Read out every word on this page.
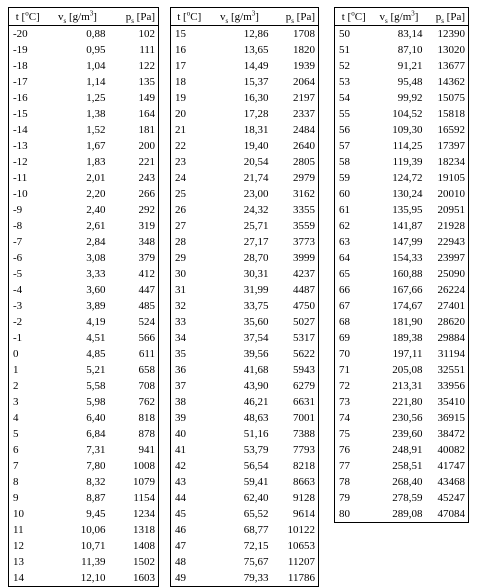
t [$^o$C]	$v_s$ $[g/m^3]$	$p_s$ [Pa]
-20	0,88	102
-19	0,95	111
-18	1,04	122
-17	1,14	135
-16	1,25	149
-15	1,38	164
-14	1,52	181
-13	1,67	200
-12	1,83	221
-11	2,01	243
-10	2,20	266
-9	2,40	292
-8	2,61	319
-7	2,84	348
-6	3,08	379
-5	3,33	412
-4	3,60	447
-3	3,89	485
-2	4,19	524
-1	4,51	566
0	4,85	611
1	5,21	658
2	5,58	708
3	5,98	762
4	6,40	818
5	6,84	878
6	7,31	941
7	7,80	1008
8	8,32	1079
9	8,87	1154
10	9,45	1234
11	10,06	1318
12	10,71	1408
13	11,39	1502
14	12,10	1603
t [$^o$C]	$v_s$ $[g/m^3]$	$p_s$ [Pa]
15	12,86	1708
16	13,65	1820
17	14,49	1939
18	15,37	2064
19	16,30	2197
20	17,28	2337
21	18,31	2484
22	19,40	2640
23	20,54	2805
24	21,74	2979
25	23,00	3162
26	24,32	3355
27	25,71	3559
28	27,17	3773
29	28,70	3999
30	30,31	4237
31	31,99	4487
32	33,75	4750
33	35,60	5027
34	37,54	5317
35	39,56	5622
36	41,68	5943
37	43,90	6279
38	46,21	6631
39	48,63	7001
40	51,16	7388
41	53,79	7793
42	56,54	8218
43	59,41	8663
44	62,40	9128
45	65,52	9614
46	68,77	10122
47	72,15	10653
48	75,67	11207
49	79,33	11786
t [$^o$C]	$v_s$ $[g/m^3]$	$p_s$ [Pa]
50	83,14	12390
51	87,10	13020
52	91,21	13677
53	95,48	14362
54	99,92	15075
55	104,52	15818
56	109,30	16592
57	114,25	17397
58	119,39	18234
59	124,72	19105
60	130,24	20010
61	135,95	20951
62	141,87	21928
63	147,99	22943
64	154,33	23997
65	160,88	25090
66	167,66	26224
67	174,67	27401
68	181,90	28620
69	189,38	29884
70	197,11	31194
71	205,08	32551
72	213,31	33956
73	221,80	35410
74	230,56	36915
75	239,60	38472
76	248,91	40082
77	258,51	41747
78	268,40	43468
79	278,59	45247
80	289,08	47084
